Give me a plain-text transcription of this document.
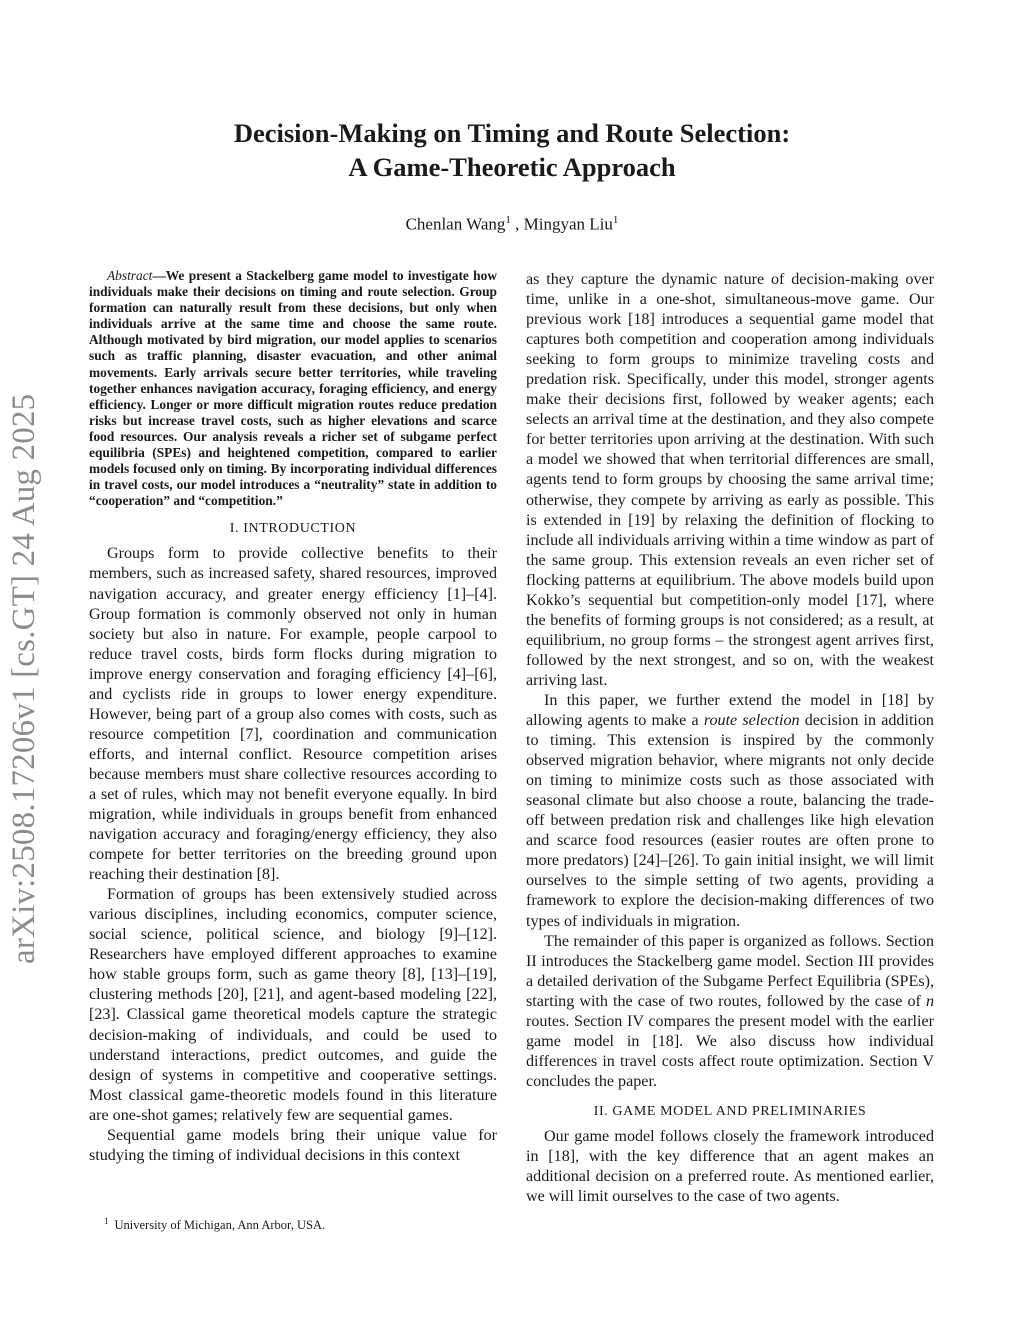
arXiv:2508.17206v1 [cs.GT] 24 Aug 2025
Decision-Making on Timing and Route Selection:
A Game-Theoretic Approach
Chenlan Wang$^1$ , Mingyan Liu$^1$

Abstract—We present a Stackelberg game model to investigate how individuals make their decisions on timing and route selection. Group formation can naturally result from these decisions, but only when individuals arrive at the same time and choose the same route. Although motivated by bird migration, our model applies to scenarios such as traffic planning, disaster evacuation, and other animal movements. Early arrivals secure better territories, while traveling together enhances navigation accuracy, foraging efficiency, and energy efficiency. Longer or more difficult migration routes reduce predation risks but increase travel costs, such as higher elevations and scarce food resources. Our analysis reveals a richer set of subgame perfect equilibria (SPEs) and heightened competition, compared to earlier models focused only on timing. By incorporating individual differences in travel costs, our model introduces a “neutrality” state in addition to “cooperation” and “competition.”

I. INTRODUCTION

Groups form to provide collective benefits to their members, such as increased safety, shared resources, improved navigation accuracy, and greater energy efficiency [1]–[4]. Group formation is commonly observed not only in human society but also in nature. For example, people carpool to reduce travel costs, birds form flocks during migration to improve energy conservation and foraging efficiency [4]–[6], and cyclists ride in groups to lower energy expenditure. However, being part of a group also comes with costs, such as resource competition [7], coordination and communication efforts, and internal conflict. Resource competition arises because members must share collective resources according to a set of rules, which may not benefit everyone equally. In bird migration, while individuals in groups benefit from enhanced navigation accuracy and foraging/energy efficiency, they also compete for better territories on the breeding ground upon reaching their destination [8].

Formation of groups has been extensively studied across various disciplines, including economics, computer science, social science, political science, and biology [9]–[12]. Researchers have employed different approaches to examine how stable groups form, such as game theory [8], [13]–[19], clustering methods [20], [21], and agent-based modeling [22], [23]. Classical game theoretical models capture the strategic decision-making of individuals, and could be used to understand interactions, predict outcomes, and guide the design of systems in competitive and cooperative settings. Most classical game-theoretic models found in this literature are one-shot games; relatively few are sequential games.

Sequential game models bring their unique value for studying the timing of individual decisions in this context

as they capture the dynamic nature of decision-making over time, unlike in a one-shot, simultaneous-move game. Our previous work [18] introduces a sequential game model that captures both competition and cooperation among individuals seeking to form groups to minimize traveling costs and predation risk. Specifically, under this model, stronger agents make their decisions first, followed by weaker agents; each selects an arrival time at the destination, and they also compete for better territories upon arriving at the destination. With such a model we showed that when territorial differences are small, agents tend to form groups by choosing the same arrival time; otherwise, they compete by arriving as early as possible. This is extended in [19] by relaxing the definition of flocking to include all individuals arriving within a time window as part of the same group. This extension reveals an even richer set of flocking patterns at equilibrium. The above models build upon Kokko’s sequential but competition-only model [17], where the benefits of forming groups is not considered; as a result, at equilibrium, no group forms – the strongest agent arrives first, followed by the next strongest, and so on, with the weakest arriving last.

In this paper, we further extend the model in [18] by allowing agents to make a route selection decision in addition to timing. This extension is inspired by the commonly observed migration behavior, where migrants not only decide on timing to minimize costs such as those associated with seasonal climate but also choose a route, balancing the trade-off between predation risk and challenges like high elevation and scarce food resources (easier routes are often prone to more predators) [24]–[26]. To gain initial insight, we will limit ourselves to the simple setting of two agents, providing a framework to explore the decision-making differences of two types of individuals in migration.

The remainder of this paper is organized as follows. Section II introduces the Stackelberg game model. Section III provides a detailed derivation of the Subgame Perfect Equilibria (SPEs), starting with the case of two routes, followed by the case of n routes. Section IV compares the present model with the earlier game model in [18]. We also discuss how individual differences in travel costs affect route optimization. Section V concludes the paper.

II. GAME MODEL AND PRELIMINARIES

Our game model follows closely the framework introduced in [18], with the key difference that an agent makes an additional decision on a preferred route. As mentioned earlier, we will limit ourselves to the case of two agents.

$^1$ University of Michigan, Ann Arbor, USA.
